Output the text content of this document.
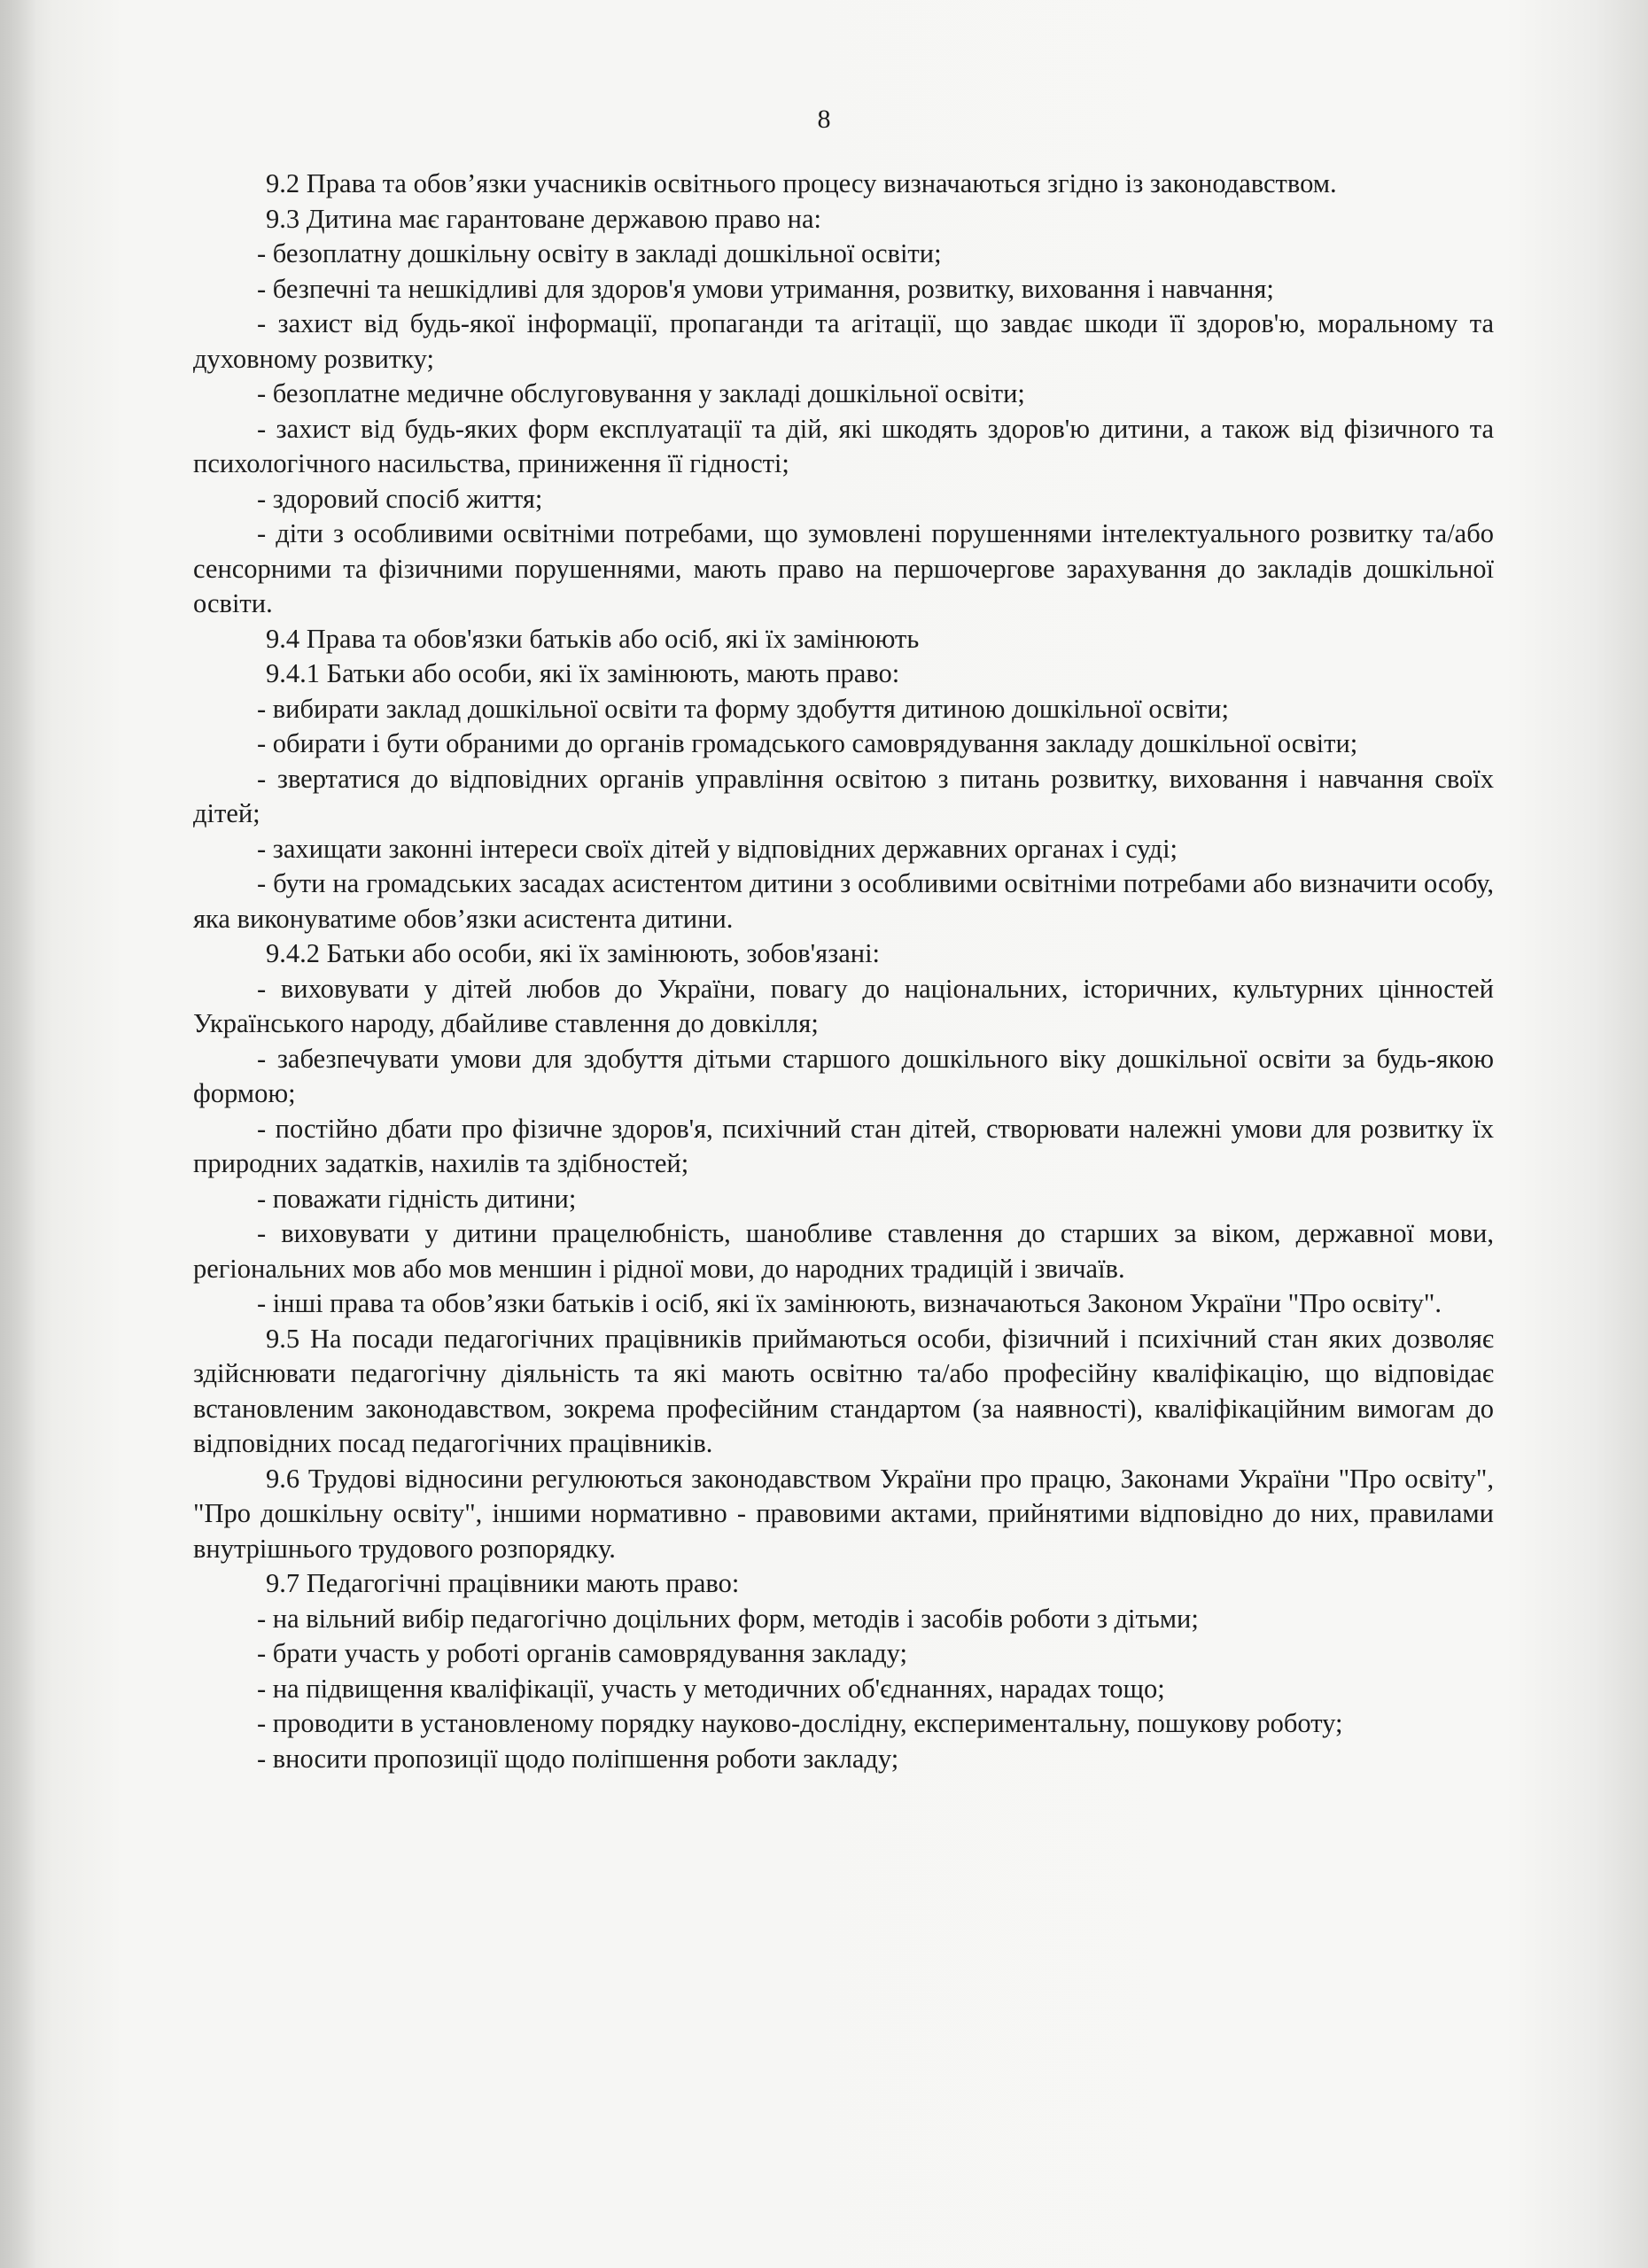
8

9.2 Права та обов’язки учасників освітнього процесу визначаються згідно із законодавством.

9.3 Дитина має гарантоване державою право на:

- безоплатну дошкільну освіту в закладі дошкільної освіти;

- безпечні та нешкідливі для здоров'я умови утримання, розвитку, виховання і навчання;

- захист від будь-якої інформації, пропаганди та агітації, що завдає шкоди її здоров'ю, моральному та духовному розвитку;

- безоплатне медичне обслуговування у закладі дошкільної освіти;

- захист від будь-яких форм експлуатації та дій, які шкодять здоров'ю дитини, а також від фізичного та психологічного насильства, приниження її гідності;

- здоровий спосіб життя;

- діти з особливими освітніми потребами, що зумовлені порушеннями інтелектуального розвитку та/або сенсорними та фізичними порушеннями, мають право на першочергове зарахування до закладів дошкільної освіти.

9.4 Права та обов'язки батьків або осіб, які їх замінюють

9.4.1 Батьки або особи, які їх замінюють, мають право:

- вибирати заклад дошкільної освіти та форму здобуття дитиною дошкільної освіти;

- обирати і бути обраними до органів громадського самоврядування закладу дошкільної освіти;

- звертатися до відповідних органів управління освітою з питань розвитку, виховання і навчання своїх дітей;

- захищати законні інтереси своїх дітей у відповідних державних органах і суді;

- бути на громадських засадах асистентом дитини з особливими освітніми потребами або визначити особу, яка виконуватиме обов’язки асистента дитини.

9.4.2 Батьки або особи, які їх замінюють, зобов'язані:

- виховувати у дітей любов до України, повагу до національних, історичних, культурних цінностей Українського народу, дбайливе ставлення до довкілля;

- забезпечувати умови для здобуття дітьми старшого дошкільного віку дошкільної освіти за будь-якою формою;

- постійно дбати про фізичне здоров'я, психічний стан дітей, створювати належні умови для розвитку їх природних задатків, нахилів та здібностей;

- поважати гідність дитини;

- виховувати у дитини працелюбність, шанобливе ставлення до старших за віком, державної мови, регіональних мов або мов меншин і рідної мови, до народних традицій і звичаїв.

- інші права та обов’язки батьків і осіб, які їх замінюють, визначаються Законом України "Про освіту".

9.5 На посади педагогічних працівників приймаються особи, фізичний і психічний стан яких дозволяє здійснювати педагогічну діяльність та які мають освітню та/або професійну кваліфікацію, що відповідає встановленим законодавством, зокрема професійним стандартом (за наявності), кваліфікаційним вимогам до відповідних посад педагогічних працівників.

9.6 Трудові відносини регулюються законодавством України про працю, Законами України "Про освіту", "Про дошкільну освіту", іншими нормативно - правовими актами, прийнятими відповідно до них, правилами внутрішнього трудового розпорядку.

9.7 Педагогічні працівники мають право:

- на вільний вибір педагогічно доцільних форм, методів і засобів роботи з дітьми;

- брати участь у роботі органів самоврядування закладу;

- на підвищення кваліфікації, участь у методичних об'єднаннях, нарадах тощо;

- проводити в установленому порядку науково-дослідну, експериментальну, пошукову роботу;

- вносити пропозиції щодо поліпшення роботи закладу;
